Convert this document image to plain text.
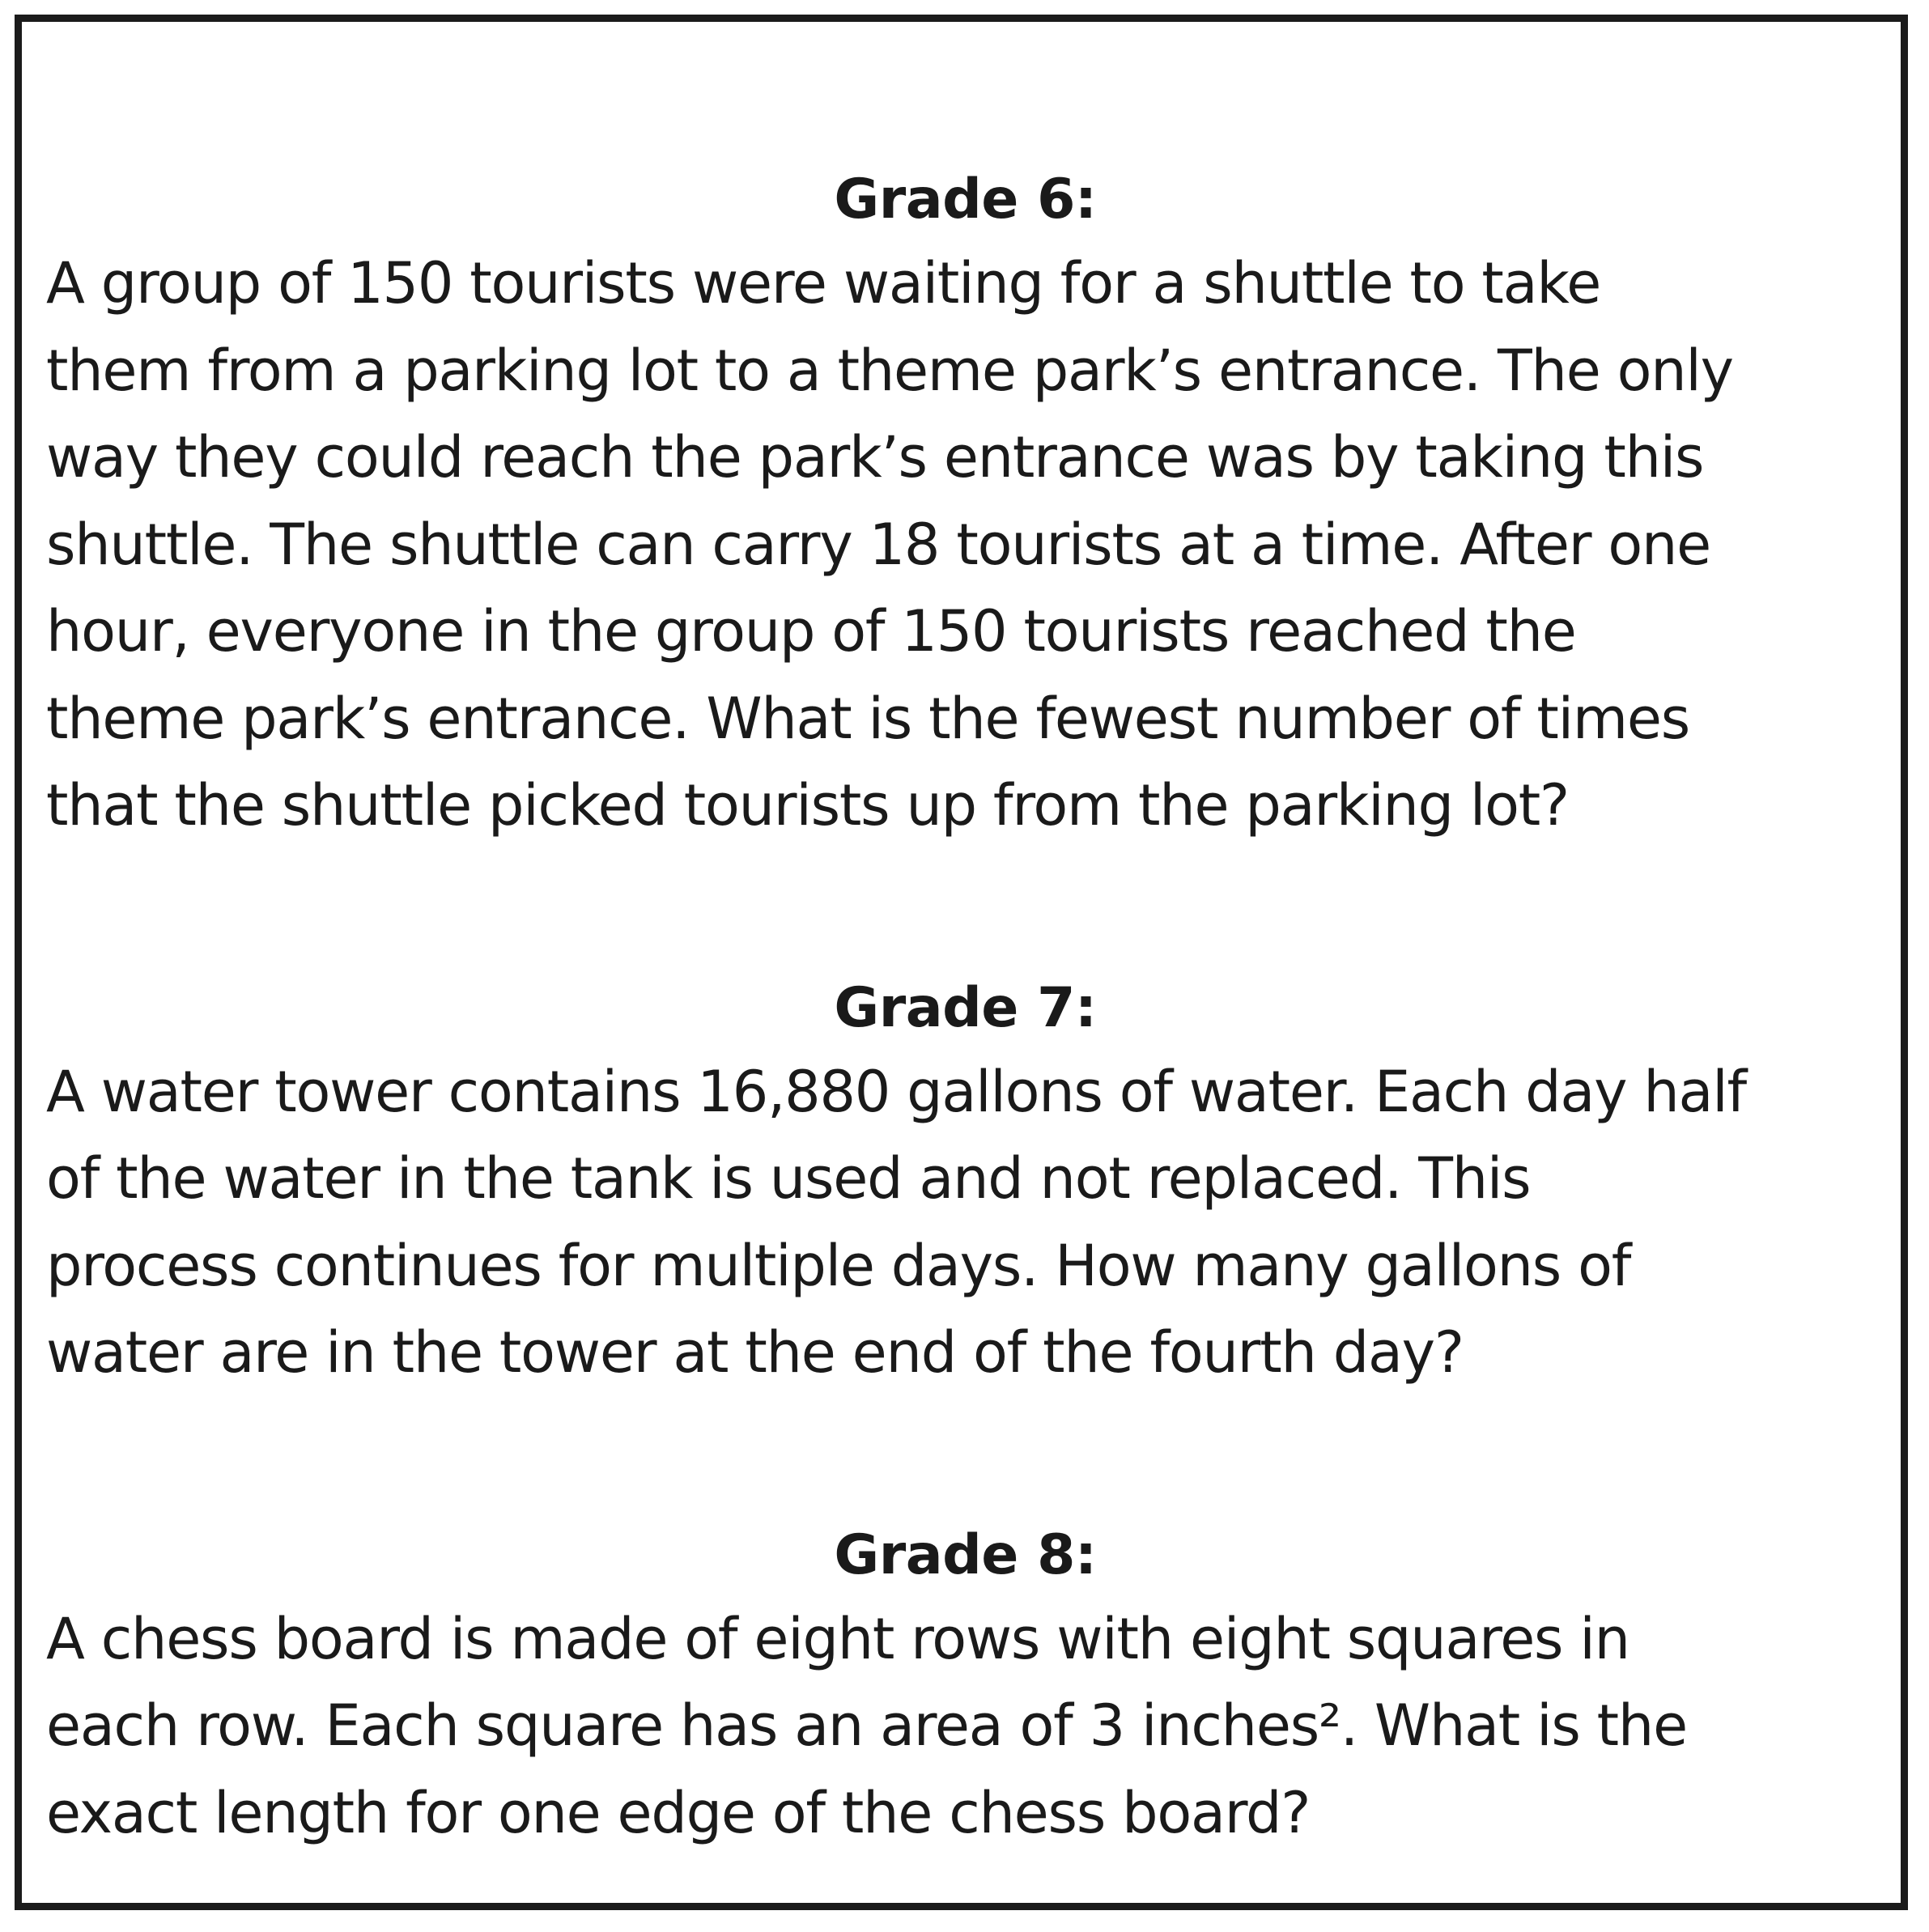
Grade 6:
A group of 150 tourists were waiting for a shuttle to take
them from a parking lot to a theme park’s entrance. The only
way they could reach the park’s entrance was by taking this
shuttle. The shuttle can carry 18 tourists at a time. After one
hour, everyone in the group of 150 tourists reached the
theme park’s entrance. What is the fewest number of times
that the shuttle picked tourists up from the parking lot?
Grade 7:
A water tower contains 16,880 gallons of water. Each day half
of the water in the tank is used and not replaced. This
process continues for multiple days. How many gallons of
water are in the tower at the end of the fourth day?
Grade 8:
A chess board is made of eight rows with eight squares in
each row. Each square has an area of 3 inches². What is the
exact length for one edge of the chess board?
